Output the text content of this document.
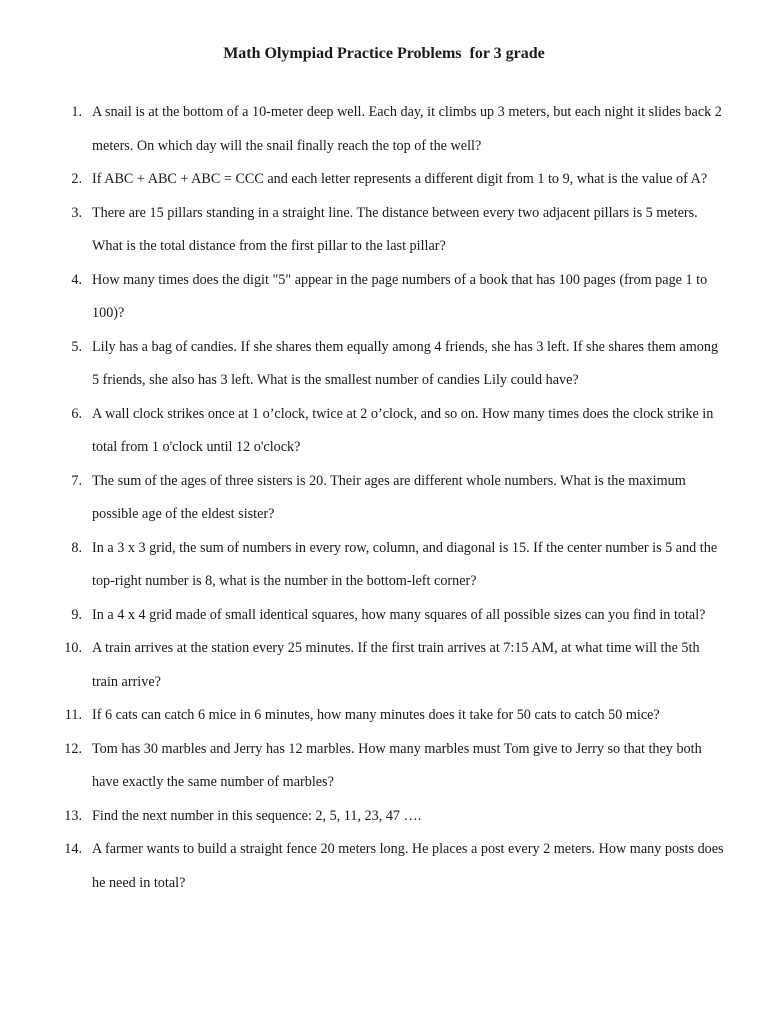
Math Olympiad Practice Problems  for 3 grade
1. A snail is at the bottom of a 10-meter deep well. Each day, it climbs up 3 meters, but each night it slides back 2 meters. On which day will the snail finally reach the top of the well?
2. If ABC + ABC + ABC = CCC and each letter represents a different digit from 1 to 9, what is the value of A?
3. There are 15 pillars standing in a straight line. The distance between every two adjacent pillars is 5 meters. What is the total distance from the first pillar to the last pillar?
4. How many times does the digit "5" appear in the page numbers of a book that has 100 pages (from page 1 to 100)?
5. Lily has a bag of candies. If she shares them equally among 4 friends, she has 3 left. If she shares them among 5 friends, she also has 3 left. What is the smallest number of candies Lily could have?
6. A wall clock strikes once at 1 o’clock, twice at 2 o’clock, and so on. How many times does the clock strike in total from 1 o'clock until 12 o'clock?
7. The sum of the ages of three sisters is 20. Their ages are different whole numbers. What is the maximum possible age of the eldest sister?
8. In a 3 x 3 grid, the sum of numbers in every row, column, and diagonal is 15. If the center number is 5 and the top-right number is 8, what is the number in the bottom-left corner?
9. In a 4 x 4 grid made of small identical squares, how many squares of all possible sizes can you find in total?
10. A train arrives at the station every 25 minutes. If the first train arrives at 7:15 AM, at what time will the 5th train arrive?
11. If 6 cats can catch 6 mice in 6 minutes, how many minutes does it take for 50 cats to catch 50 mice?
12. Tom has 30 marbles and Jerry has 12 marbles. How many marbles must Tom give to Jerry so that they both have exactly the same number of marbles?
13. Find the next number in this sequence: 2, 5, 11, 23, 47 ….
14. A farmer wants to build a straight fence 20 meters long. He places a post every 2 meters. How many posts does he need in total?
